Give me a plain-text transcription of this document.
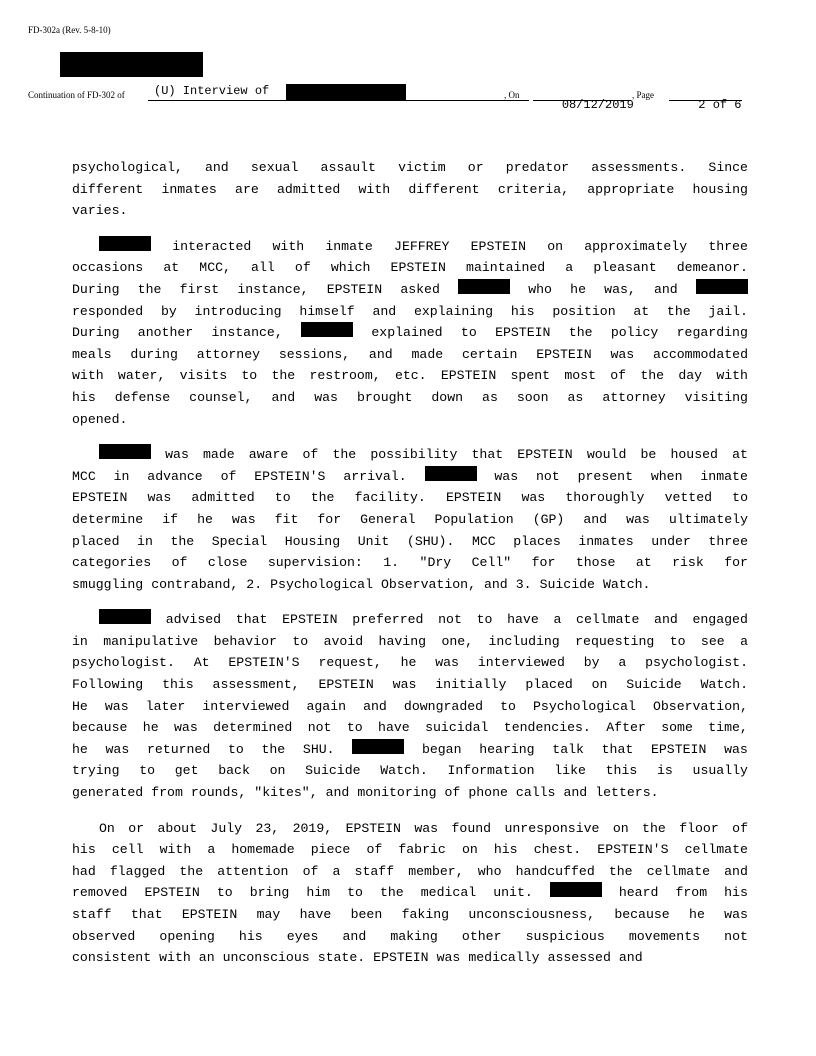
FD-302a (Rev. 5-8-10)
Continuation of FD-302 of

(U) Interview of

	, On

08/12/2019

, Page

2 of 6

psychological, and sexual assault victim or predator assessments. Since
different inmates are admitted with different criteria, appropriate housing
varies.
interacted with inmate JEFFREY EPSTEIN on approximately three
occasions at MCC, all of which EPSTEIN maintained a pleasant demeanor.
During the first instance, EPSTEIN asked	who he was, and
responded by introducing himself and explaining his position at the jail.
During another instance,	explained to EPSTEIN the policy regarding
meals during attorney sessions, and made certain EPSTEIN was accommodated
with water, visits to the restroom, etc. EPSTEIN spent most of the day with
his defense counsel, and was brought down as soon as attorney visiting
opened.
was made aware of the possibility that EPSTEIN would be housed at
MCC in advance of EPSTEIN'S arrival.	was not present when inmate
EPSTEIN was admitted to the facility. EPSTEIN was thoroughly vetted to
determine if he was fit for General Population (GP) and was ultimately
placed in the Special Housing Unit (SHU). MCC places inmates under three
categories of close supervision: 1. "Dry Cell" for those at risk for
smuggling contraband, 2. Psychological Observation, and 3. Suicide Watch.
advised that EPSTEIN preferred not to have a cellmate and engaged
in manipulative behavior to avoid having one, including requesting to see a
psychologist. At EPSTEIN'S request, he was interviewed by a psychologist.
Following this assessment, EPSTEIN was initially placed on Suicide Watch.
He was later interviewed again and downgraded to Psychological Observation,
because he was determined not to have suicidal tendencies. After some time,
he was returned to the SHU.	began hearing talk that EPSTEIN was
trying to get back on Suicide Watch. Information like this is usually
generated from rounds, "kites", and monitoring of phone calls and letters.
On or about July 23, 2019, EPSTEIN was found unresponsive on the floor of
his cell with a homemade piece of fabric on his chest. EPSTEIN'S cellmate
had flagged the attention of a staff member, who handcuffed the cellmate and
removed EPSTEIN to bring him to the medical unit.	heard from his
staff that EPSTEIN may have been faking unconsciousness, because he was
observed opening his eyes and making other suspicious movements not
consistent with an unconscious state. EPSTEIN was medically assessed and
